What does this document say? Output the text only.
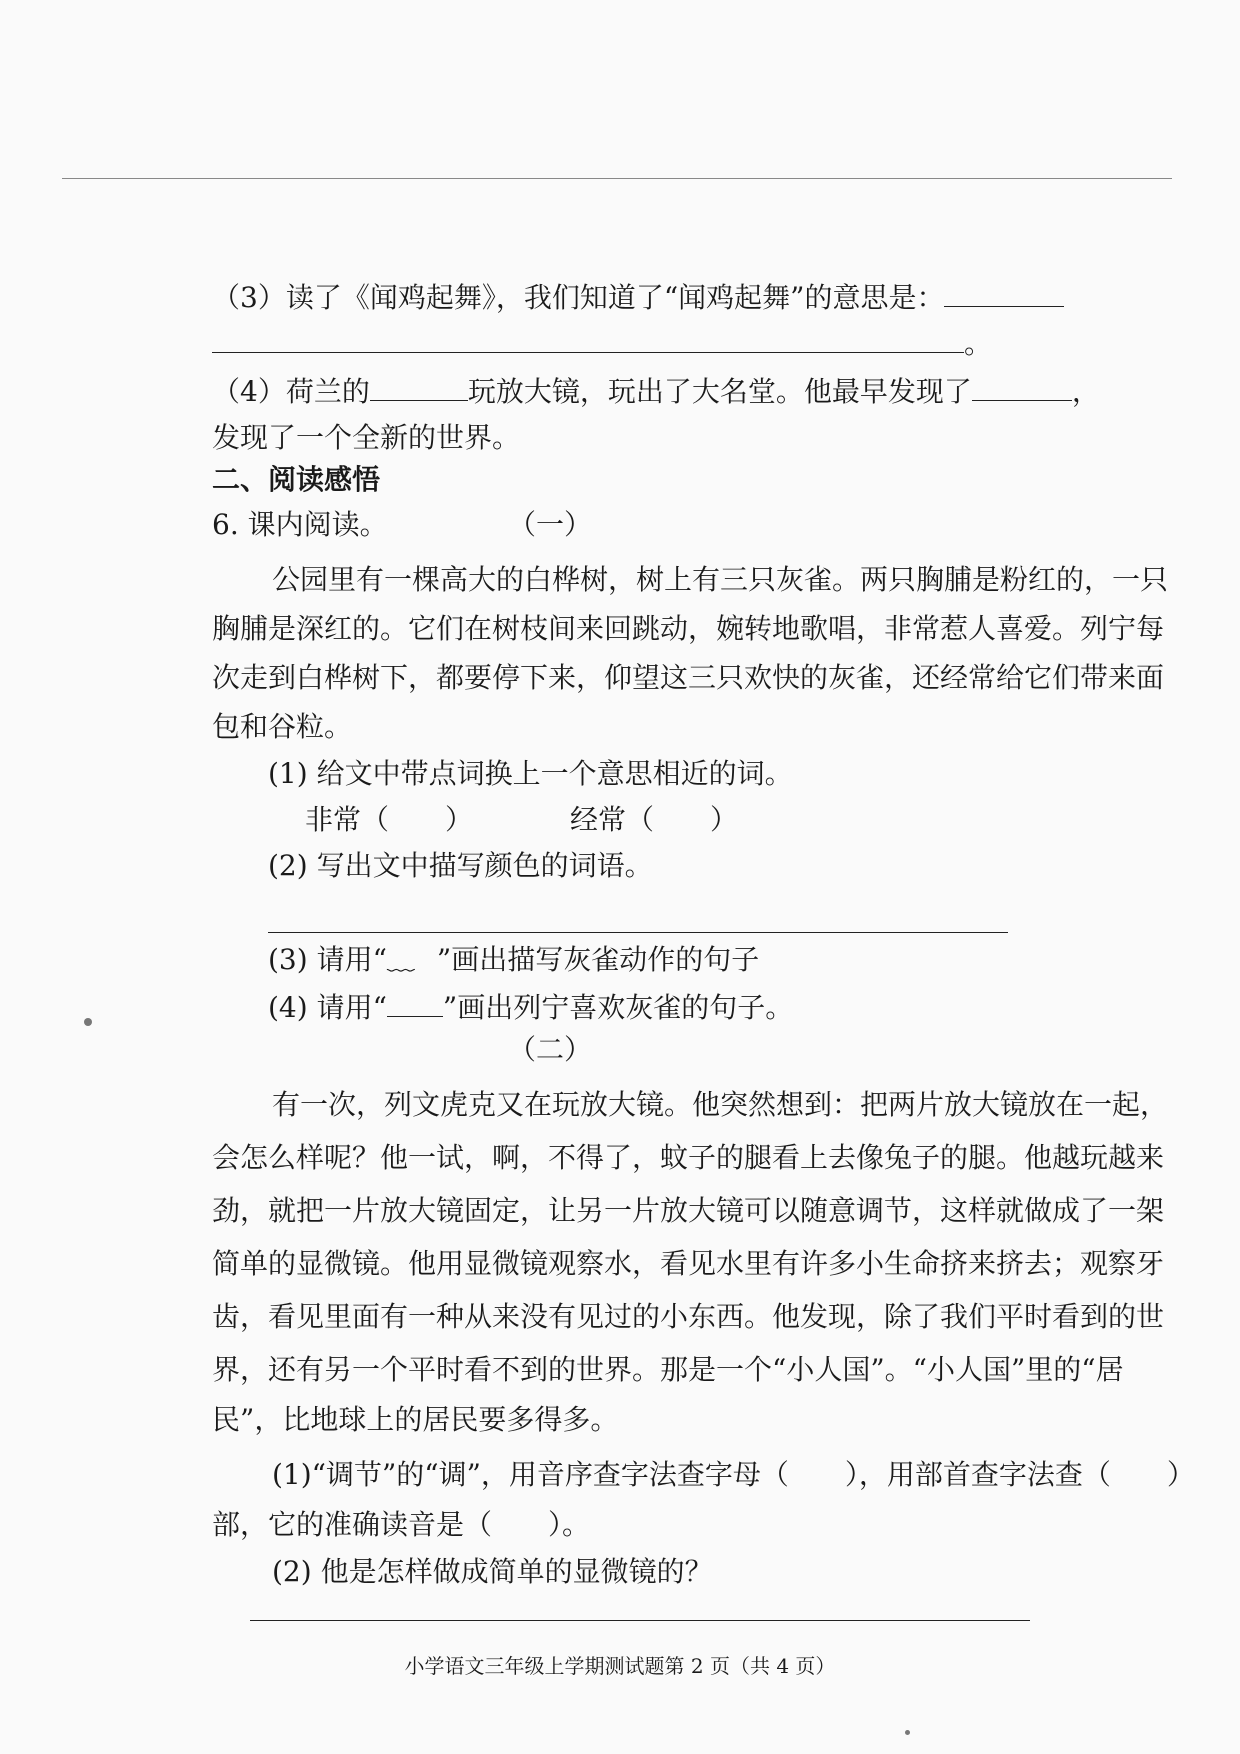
（3）读了《闻鸡起舞》，我们知道了“闻鸡起舞”的意思是：
。
（4）荷兰的	玩放大镜，玩出了大名堂。他最早发现了	，
发现了一个全新的世界。
二、阅读感悟
6. 课内阅读。	（一）
公园里有一棵高大的白桦树，树上有三只灰雀。两只胸脯是粉红的，一只
胸脯是深红的。它们在树枝间来回跳动，婉转地歌唱，非常惹人喜爱。列宁每
次走到白桦树下，都要停下来，仰望这三只欢快的灰雀，还经常给它们带来面
包和谷粒。
(1) 给文中带点词换上一个意思相近的词。
非常（　　）	经常（　　）
(2) 写出文中描写颜色的词语。
(3) 请用“﹏ ”画出描写灰雀动作的句子
(4) 请用“ ”画出列宁喜欢灰雀的句子。
（二）
有一次，列文虎克又在玩放大镜。他突然想到：把两片放大镜放在一起，
会怎么样呢？他一试，啊，不得了，蚊子的腿看上去像兔子的腿。他越玩越来
劲，就把一片放大镜固定，让另一片放大镜可以随意调节，这样就做成了一架
简单的显微镜。他用显微镜观察水，看见水里有许多小生命挤来挤去；观察牙
齿，看见里面有一种从来没有见过的小东西。他发现，除了我们平时看到的世
界，还有另一个平时看不到的世界。那是一个“小人国”。“小人国”里的“居
民”，比地球上的居民要多得多。
(1)“调节”的“调”，用音序查字法查字母（　　），用部首查字法查（　　）
部，它的准确读音是（　　）。
(2) 他是怎样做成简单的显微镜的？
小学语文三年级上学期测试题第 2 页（共 4 页）
